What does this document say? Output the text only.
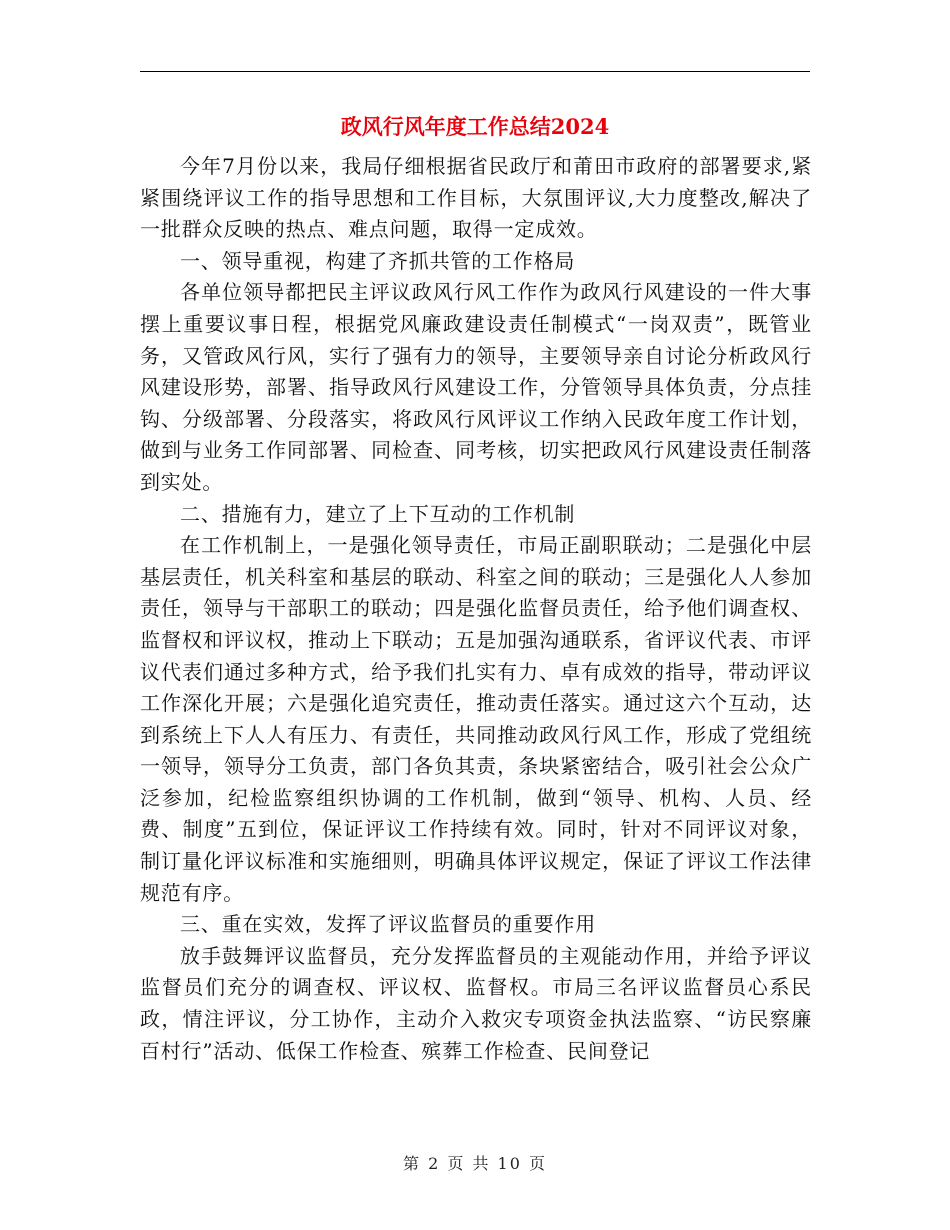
政风行风年度工作总结2024

今年7月份以来，我局仔细根据省民政厅和莆田市政府的部署要求,紧紧围绕评议工作的指导思想和工作目标，大氛围评议,大力度整改,解决了一批群众反映的热点、难点问题，取得一定成效。

一、领导重视，构建了齐抓共管的工作格局

各单位领导都把民主评议政风行风工作作为政风行风建设的一件大事摆上重要议事日程，根据党风廉政建设责任制模式“一岗双责”，既管业务，又管政风行风，实行了强有力的领导，主要领导亲自讨论分析政风行风建设形势，部署、指导政风行风建设工作，分管领导具体负责，分点挂钩、分级部署、分段落实，将政风行风评议工作纳入民政年度工作计划，做到与业务工作同部署、同检查、同考核，切实把政风行风建设责任制落到实处。

二、措施有力，建立了上下互动的工作机制

在工作机制上，一是强化领导责任，市局正副职联动；二是强化中层基层责任，机关科室和基层的联动、科室之间的联动；三是强化人人参加责任，领导与干部职工的联动；四是强化监督员责任，给予他们调查权、监督权和评议权，推动上下联动；五是加强沟通联系，省评议代表、市评议代表们通过多种方式，给予我们扎实有力、卓有成效的指导，带动评议工作深化开展；六是强化追究责任，推动责任落实。通过这六个互动，达到系统上下人人有压力、有责任，共同推动政风行风工作，形成了党组统一领导，领导分工负责，部门各负其责，条块紧密结合，吸引社会公众广泛参加，纪检监察组织协调的工作机制，做到“领导、机构、人员、经费、制度”五到位，保证评议工作持续有效。同时，针对不同评议对象，制订量化评议标准和实施细则，明确具体评议规定，保证了评议工作法律规范有序。

三、重在实效，发挥了评议监督员的重要作用

放手鼓舞评议监督员，充分发挥监督员的主观能动作用，并给予评议监督员们充分的调查权、评议权、监督权。市局三名评议监督员心系民政，情注评议，分工协作，主动介入救灾专项资金执法监察、“访民察廉百村行”活动、低保工作检查、殡葬工作检查、民间登记

第 2 页 共 10 页
